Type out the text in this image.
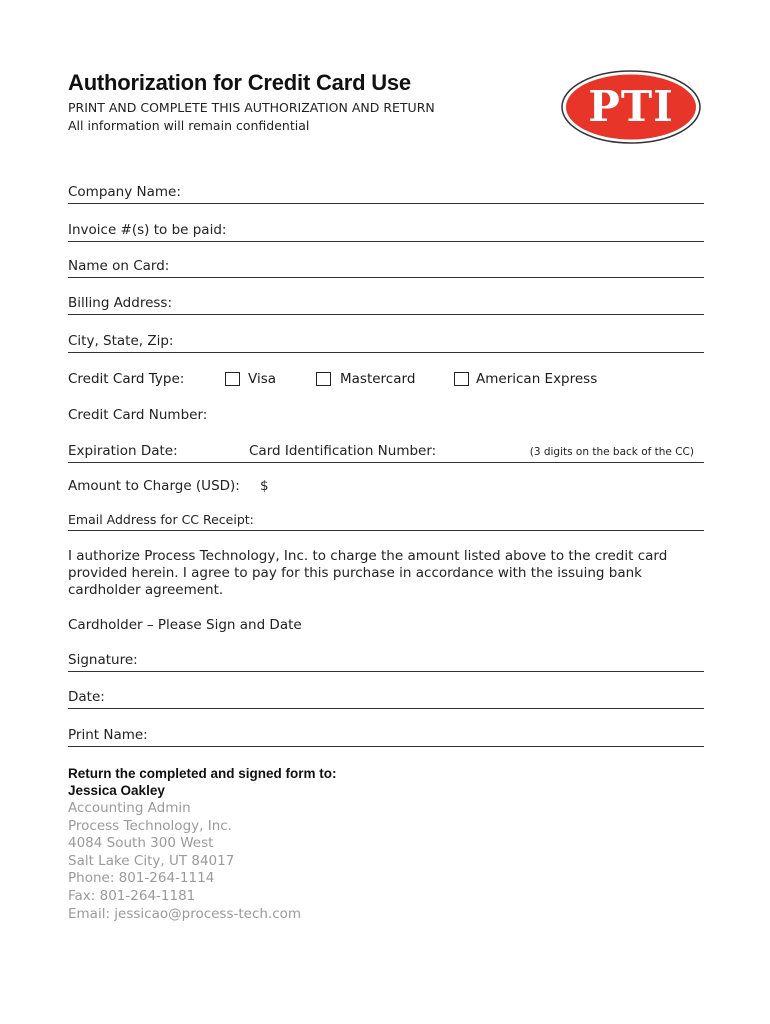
Authorization for Credit Card Use
PRINT AND COMPLETE THIS AUTHORIZATION AND RETURN
All information will remain confidential	PTI
Company Name:
Invoice #(s) to be paid:
Name on Card:
Billing Address:
City, State, Zip:
Credit Card Type:	Visa	Mastercard	American Express
Credit Card Number:
Expiration Date:	Card Identification Number:	(3 digits on the back of the CC)
Amount to Charge (USD): $
Email Address for CC Receipt:
I authorize Process Technology, Inc. to charge the amount listed above to the credit card provided herein. I agree to pay for this purchase in accordance with the issuing bank cardholder agreement.
Cardholder – Please Sign and Date
Signature:
Date:
Print Name:
Return the completed and signed form to:
Jessica Oakley
Accounting Admin
Process Technology, Inc.
4084 South 300 West
Salt Lake City, UT 84017
Phone: 801-264-1114
Fax: 801-264-1181
Email: jessicao@process-tech.com
